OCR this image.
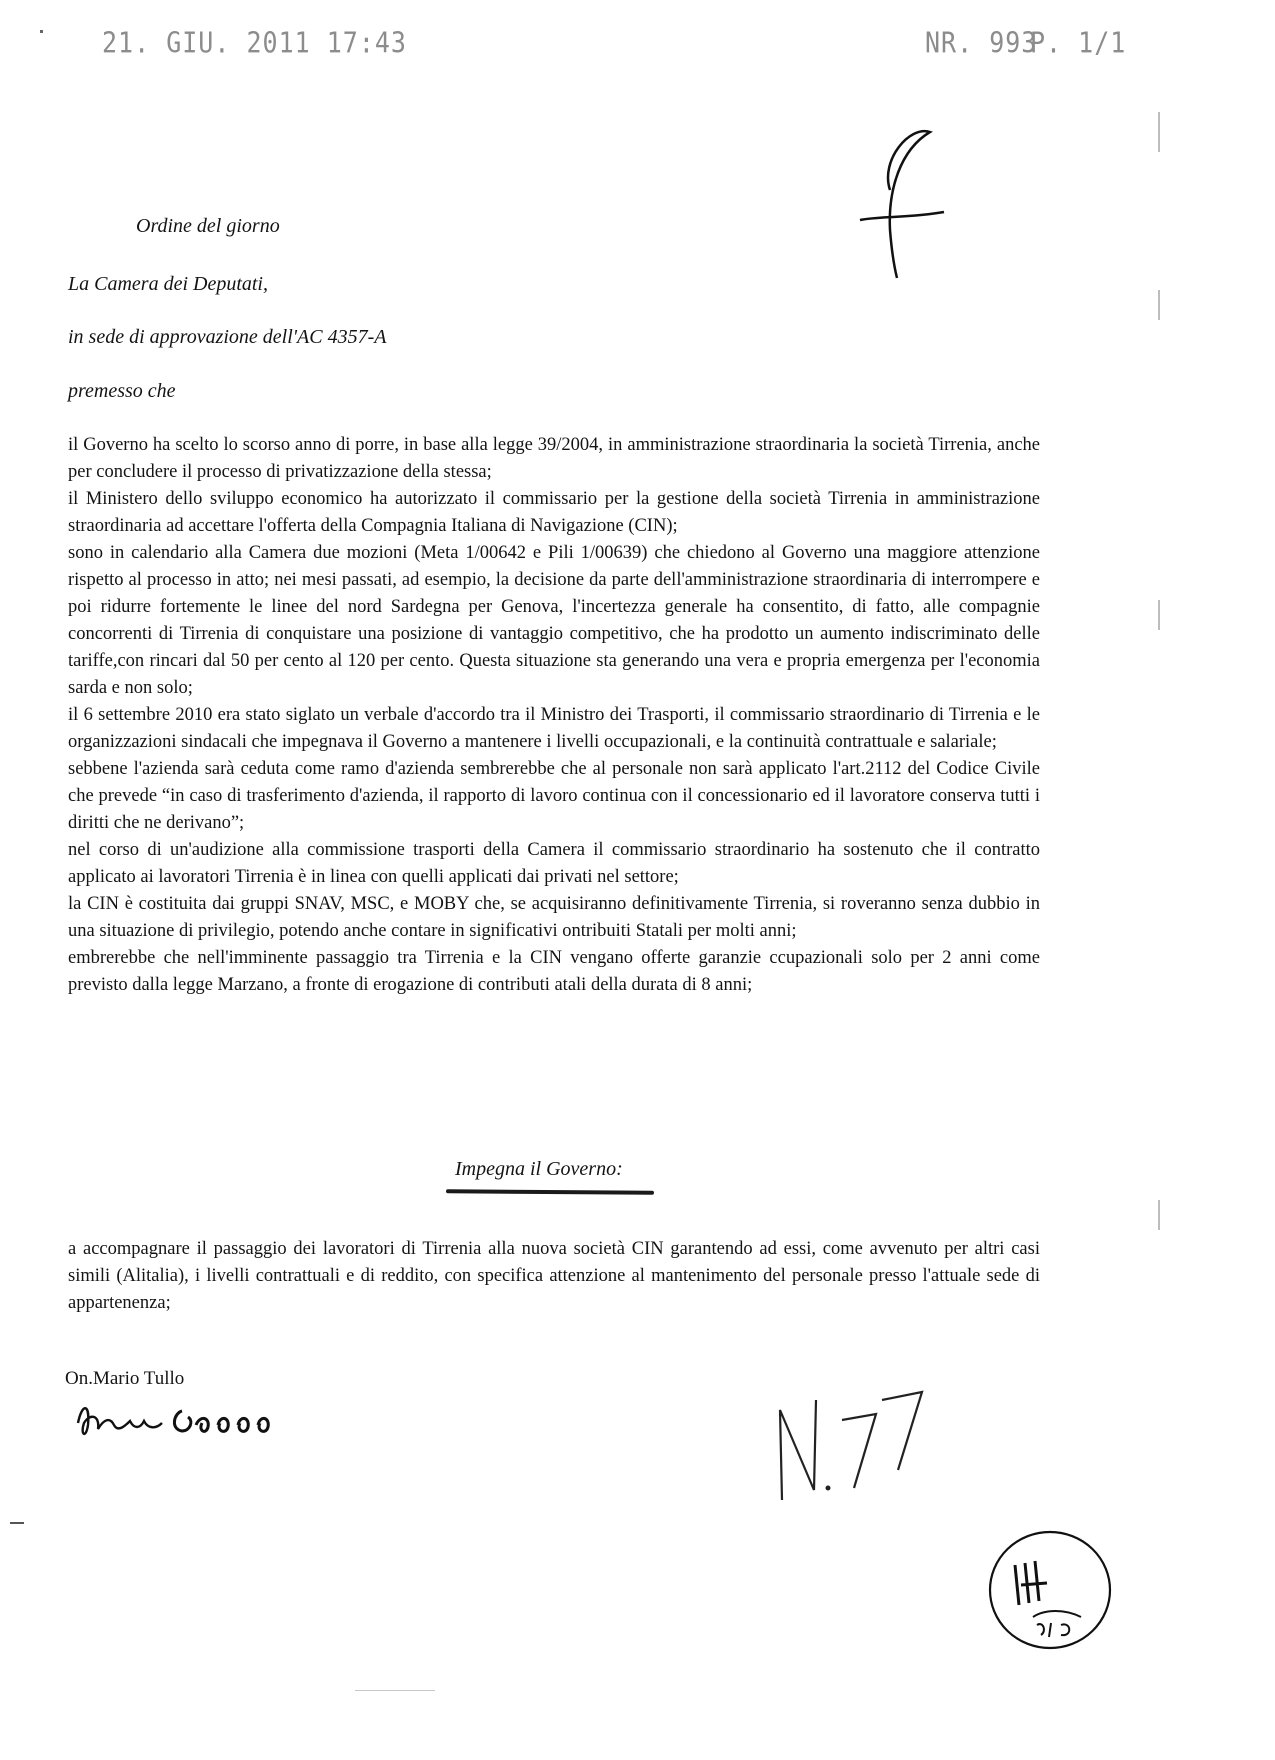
21. GIU. 2011 17:43	NR. 993
P. 1/1
Ordine del giorno
La Camera dei Deputati,
in sede di approvazione dell'AC 4357-A
premesso che

il Governo ha scelto lo scorso anno di porre, in base alla legge 39/2004, in amministrazione straordinaria la società Tirrenia, anche per concludere il processo di privatizzazione della stessa;

il Ministero dello sviluppo economico ha autorizzato il commissario per la gestione della società Tirrenia in amministrazione straordinaria ad accettare l'offerta della Compagnia Italiana di Navigazione (CIN);

sono in calendario alla Camera due mozioni (Meta 1/00642 e Pili 1/00639) che chiedono al Governo una maggiore attenzione rispetto al processo in atto; nei mesi passati, ad esempio, la decisione da parte dell'amministrazione straordinaria di interrompere e poi ridurre fortemente le linee del nord Sardegna per Genova, l'incertezza generale ha consentito, di fatto, alle compagnie concorrenti di Tirrenia di conquistare una posizione di vantaggio competitivo, che ha prodotto un aumento indiscriminato delle tariffe,con rincari dal 50 per cento al 120 per cento. Questa situazione sta generando una vera e propria emergenza per l'economia sarda e non solo;

il 6 settembre 2010 era stato siglato un verbale d'accordo tra il Ministro dei Trasporti, il commissario straordinario di Tirrenia e le organizzazioni sindacali che impegnava il Governo a mantenere i livelli occupazionali, e la continuità contrattuale e salariale;

sebbene l'azienda sarà ceduta come ramo d'azienda sembrerebbe che al personale non sarà applicato l'art.2112 del Codice Civile che prevede “in caso di trasferimento d'azienda, il rapporto di lavoro continua con il concessionario ed il lavoratore conserva tutti i diritti che ne derivano”;

nel corso di un'audizione alla commissione trasporti della Camera il commissario straordinario ha sostenuto che il contratto applicato ai lavoratori Tirrenia è in linea con quelli applicati dai privati nel settore;

la CIN è costituita dai gruppi SNAV, MSC, e MOBY che, se acquisiranno definitivamente Tirrenia, si roveranno senza dubbio in una situazione di privilegio, potendo anche contare in significativi ontribuiti Statali per molti anni;

embrerebbe che nell'imminente passaggio tra Tirrenia e la CIN vengano offerte garanzie ccupazionali solo per 2 anni come previsto dalla legge Marzano, a fronte di erogazione di contributi atali della durata di 8 anni;

Impegna il Governo:

a accompagnare il passaggio dei lavoratori di Tirrenia alla nuova società CIN garantendo ad essi, come avvenuto per altri casi simili (Alitalia), i livelli contrattuali e di reddito, con specifica attenzione al mantenimento del personale presso l'attuale sede di appartenenza;

On.Mario Tullo
